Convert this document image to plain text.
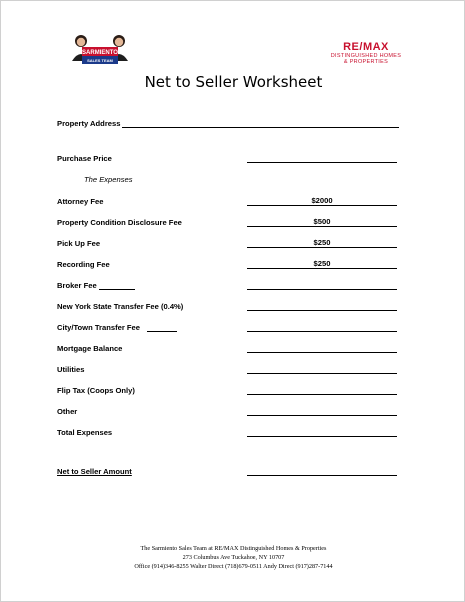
SARMIENTO
SALES TEAM
RE/MAX
DISTINGUISHED HOMES
& PROPERTIES
Net to Seller Worksheet
Property Address
Purchase Price
The Expenses
Attorney Fee	$2000
Property Condition Disclosure Fee	$500
Pick Up Fee	$250
Recording Fee	$250
Broker Fee
New York State Transfer Fee (0.4%)
City/Town Transfer Fee
Mortgage Balance
Utilities
Flip Tax (Coops Only)
Other
Total Expenses
Net to Seller Amount
The Sarmiento Sales Team at RE/MAX Distinguished Homes & Properties
273 Columbus Ave Tuckahoe, NY 10707
Office (914)346-8255 Walter Direct (718)679-0511 Andy Direct (917)287-7144
